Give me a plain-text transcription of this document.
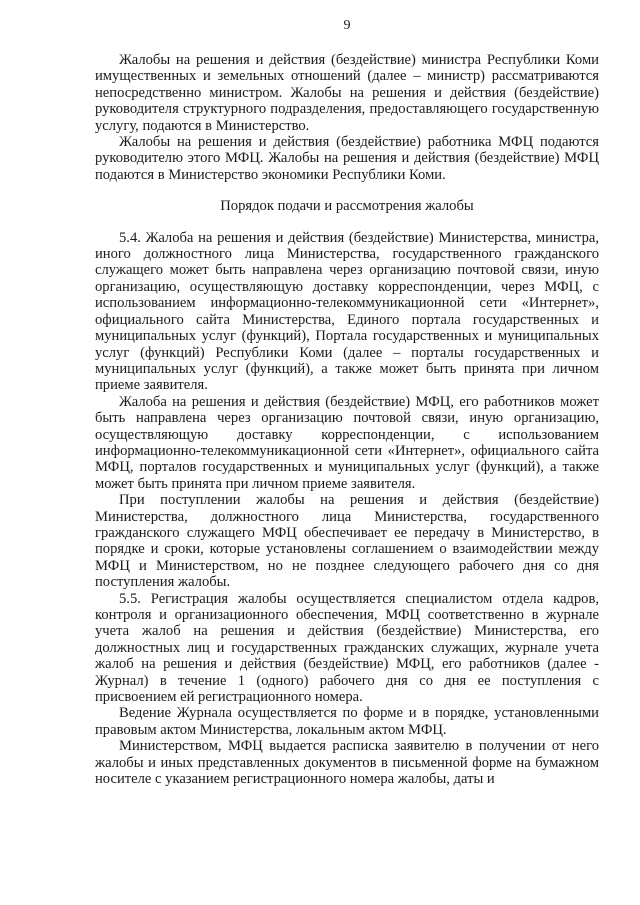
9

Жалобы на решения и действия (бездействие) министра Республики Коми имущественных и земельных отношений (далее – министр) рассматриваются непосредственно министром. Жалобы на решения и действия (бездействие) руководителя структурного подразделения, предоставляющего государственную услугу, подаются в Министерство.

Жалобы на решения и действия (бездействие) работника МФЦ подаются руководителю этого МФЦ. Жалобы на решения и действия (бездействие) МФЦ подаются в Министерство экономики Республики Коми.

Порядок подачи и рассмотрения жалобы

5.4. Жалоба на решения и действия (бездействие) Министерства, министра, иного должностного лица Министерства, государственного гражданского служащего может быть направлена через организацию почтовой связи, иную организацию, осуществляющую доставку корреспонденции, через МФЦ, с использованием информационно-телекоммуникационной сети «Интернет», официального сайта Министерства, Единого портала государственных и муниципальных услуг (функций), Портала государственных и муниципальных услуг (функций) Республики Коми (далее – порталы государственных и муниципальных услуг (функций), а также может быть принята при личном приеме заявителя.

Жалоба на решения и действия (бездействие) МФЦ, его работников может быть направлена через организацию почтовой связи, иную организацию, осуществляющую доставку корреспонденции, с использованием информационно-телекоммуникационной сети «Интернет», официального сайта МФЦ, порталов государственных и муниципальных услуг (функций), а также может быть принята при личном приеме заявителя.

При поступлении жалобы на решения и действия (бездействие) Министерства, должностного лица Министерства, государственного гражданского служащего МФЦ обеспечивает ее передачу в Министерство, в порядке и сроки, которые установлены соглашением о взаимодействии между МФЦ и Министерством, но не позднее следующего рабочего дня со дня поступления жалобы.

5.5. Регистрация жалобы осуществляется специалистом отдела кадров, контроля и организационного обеспечения, МФЦ соответственно в журнале учета жалоб на решения и действия (бездействие) Министерства, его должностных лиц и государственных гражданских служащих, журнале учета жалоб на решения и действия (бездействие) МФЦ, его работников (далее - Журнал) в течение 1 (одного) рабочего дня со дня ее поступления с присвоением ей регистрационного номера.

Ведение Журнала осуществляется по форме и в порядке, установленными правовым актом Министерства, локальным актом МФЦ.

Министерством, МФЦ выдается расписка заявителю в получении от него жалобы и иных представленных документов в письменной форме на бумажном носителе с указанием регистрационного номера жалобы, даты и
